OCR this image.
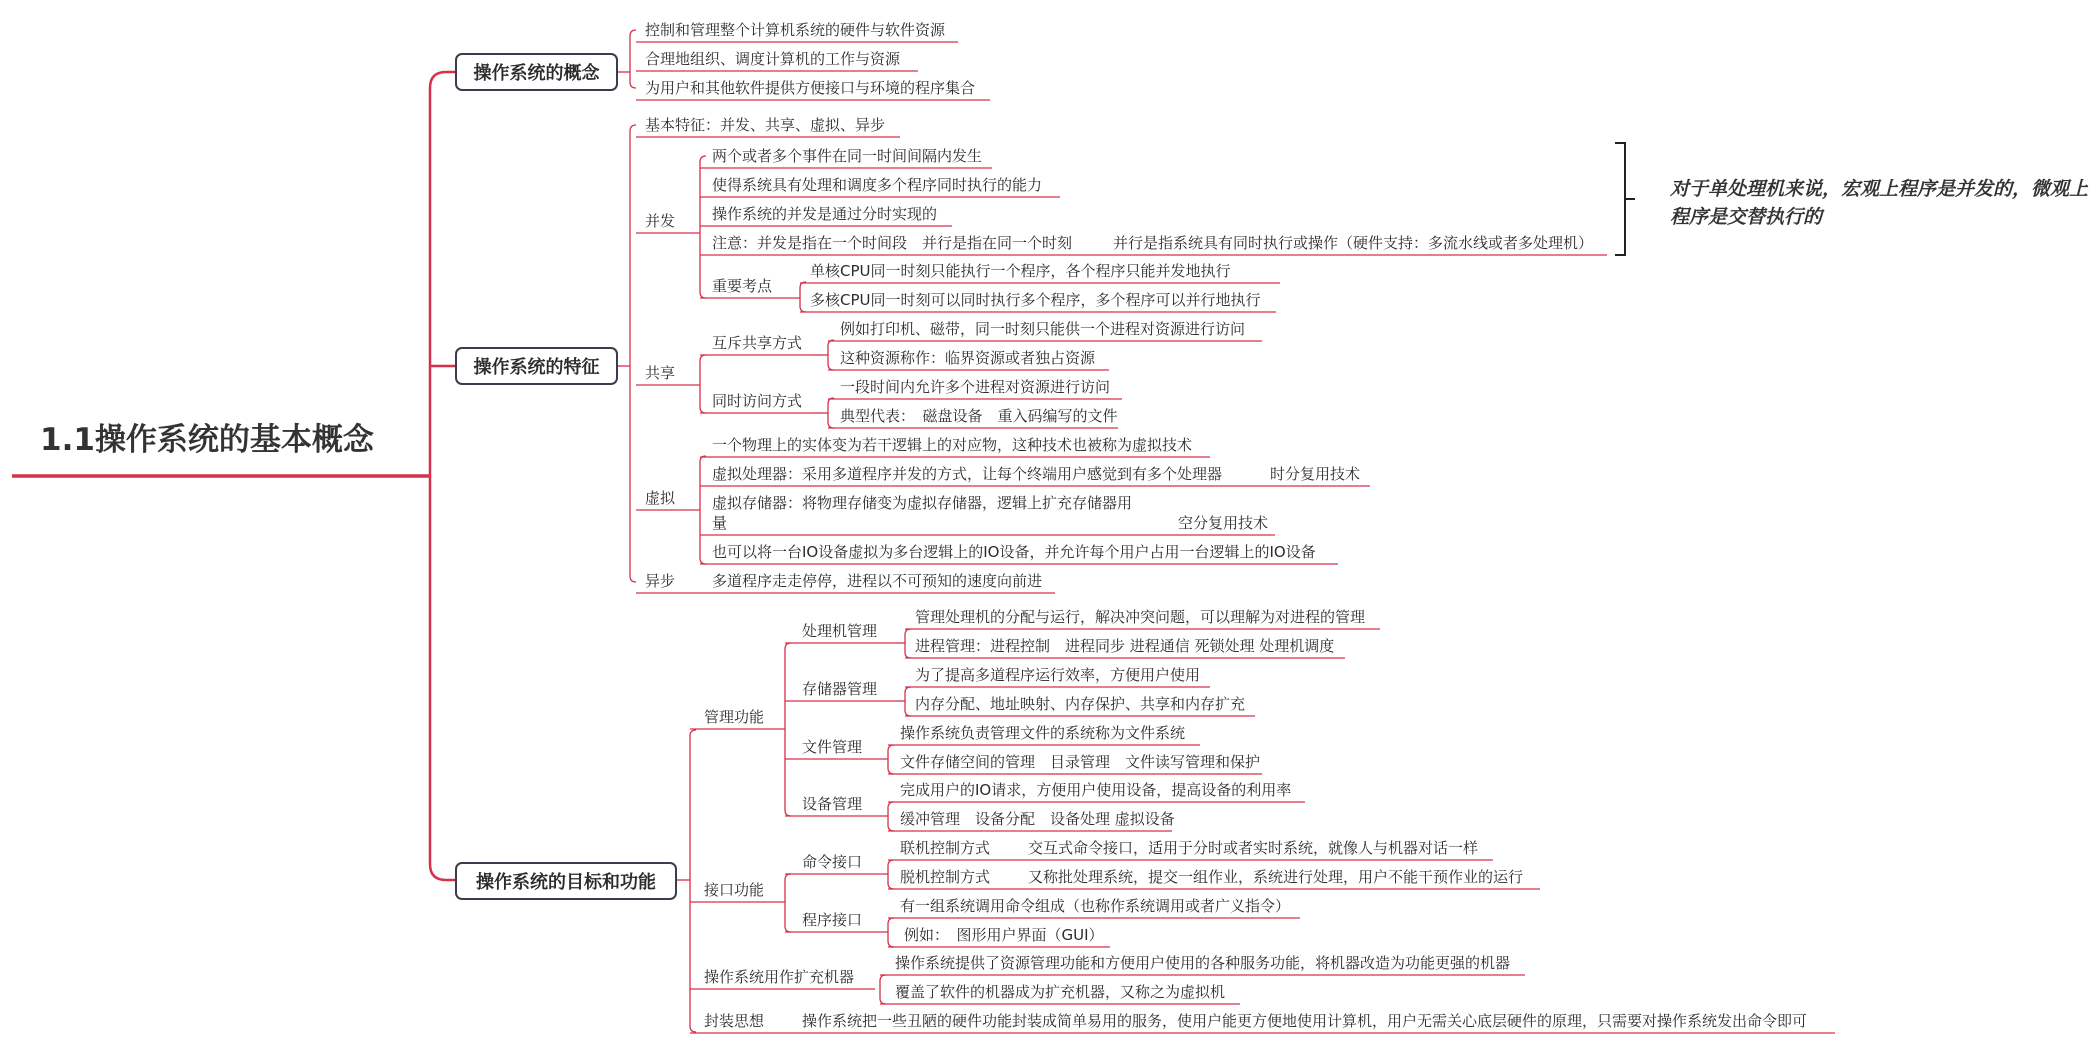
1.1操作系统的基本概念
操作系统的概念
操作系统的特征
操作系统的目标和功能
控制和管理整个计算机系统的硬件与软件资源
合理地组织、调度计算机的工作与资源
为用户和其他软件提供方便接口与环境的程序集合
基本特征：并发、共享、虚拟、异步
并发
两个或者多个事件在同一时间间隔内发生
使得系统具有处理和调度多个程序同时执行的能力
操作系统的并发是通过分时实现的
注意：并发是指在一个时间段　并行是指在同一个时刻	并行是指系统具有同时执行或操作（硬件支持：多流水线或者多处理机）
重要考点
单核CPU同一时刻只能执行一个程序，各个程序只能并发地执行
多核CPU同一时刻可以同时执行多个程序，多个程序可以并行地执行
共享
互斥共享方式
例如打印机、磁带，同一时刻只能供一个进程对资源进行访问
这种资源称作：临界资源或者独占资源
同时访问方式
一段时间内允许多个进程对资源进行访问
典型代表：　磁盘设备　重入码编写的文件
虚拟
一个物理上的实体变为若干逻辑上的对应物，这种技术也被称为虚拟技术
虚拟处理器：采用多道程序并发的方式，让每个终端用户感觉到有多个处理器	时分复用技术
虚拟存储器：将物理存储变为虚拟存储器，逻辑上扩充存储器用
量	空分复用技术
也可以将一台IO设备虚拟为多台逻辑上的IO设备，并允许每个用户占用一台逻辑上的IO设备
异步 多道程序走走停停，进程以不可预知的速度向前进
对于单处理机来说，宏观上程序是并发的，微观上程序是交替执行的
管理功能
处理机管理
管理处理机的分配与运行，解决冲突问题，可以理解为对进程的管理
进程管理：进程控制　进程同步 进程通信 死锁处理 处理机调度
存储器管理
为了提高多道程序运行效率，方便用户使用
内存分配、地址映射、内存保护、共享和内存扩充
文件管理
操作系统负责管理文件的系统称为文件系统
文件存储空间的管理　目录管理　文件读写管理和保护
设备管理
完成用户的IO请求，方便用户使用设备，提高设备的利用率
缓冲管理　设备分配　设备处理 虚拟设备
接口功能
命令接口
联机控制方式	交互式命令接口，适用于分时或者实时系统，就像人与机器对话一样
脱机控制方式	又称批处理系统，提交一组作业，系统进行处理，用户不能干预作业的运行
程序接口
有一组系统调用命令组成（也称作系统调用或者广义指令）
例如：　图形用户界面（GUI）
操作系统用作扩充机器
操作系统提供了资源管理功能和方便用户使用的各种服务功能，将机器改造为功能更强的机器
覆盖了软件的机器成为扩充机器，又称之为虚拟机
封装思想	操作系统把一些丑陋的硬件功能封装成简单易用的服务，使用户能更方便地使用计算机，用户无需关心底层硬件的原理，只需要对操作系统发出命令即可
